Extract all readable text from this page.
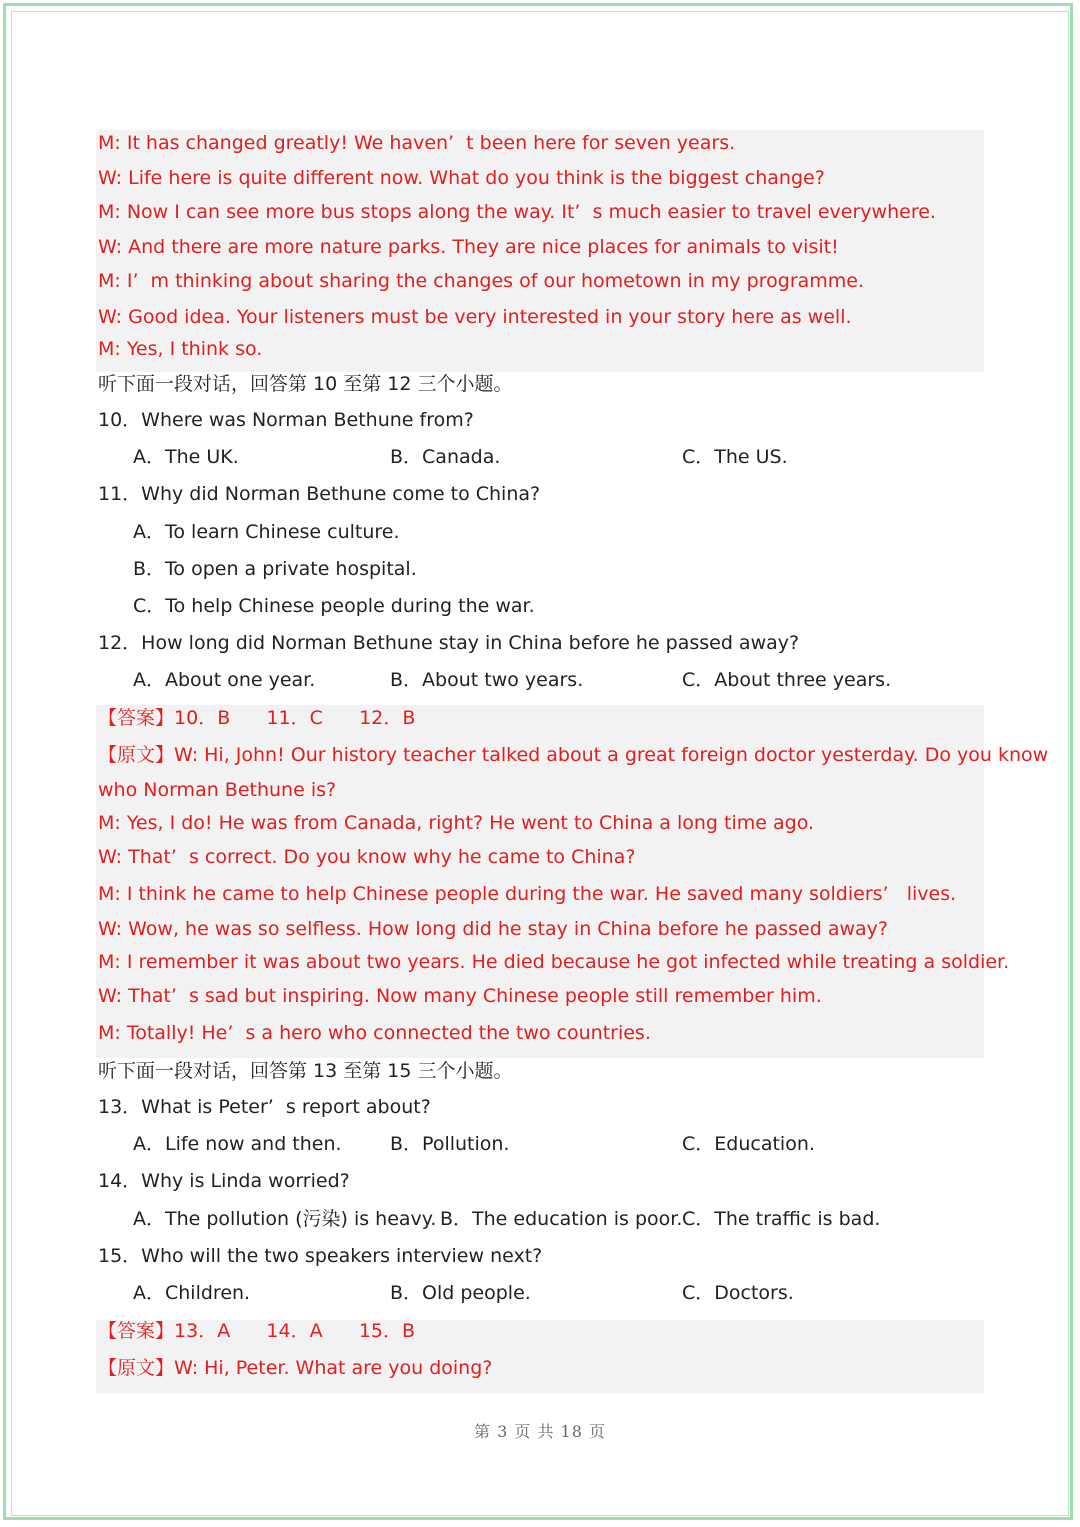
M: It has changed greatly! We haven’  t been here for seven years.
W: Life here is quite different now. What do you think is the biggest change?
M: Now I can see more bus stops along the way. It’  s much easier to travel everywhere.
W: And there are more nature parks. They are nice places for animals to visit!
M: I’  m thinking about sharing the changes of our hometown in my programme.
W: Good idea. Your listeners must be very interested in your story here as well.
M: Yes, I think so.
听下面一段对话，回答第 10 至第 12 三个小题。
10．Where was Norman Bethune from?
A．The UK.	B．Canada.	C．The US.
11．Why did Norman Bethune come to China?
A．To learn Chinese culture.
B．To open a private hospital.
C．To help Chinese people during the war.
12．How long did Norman Bethune stay in China before he passed away?
A．About one year.	B．About two years.	C．About three years.
【答案】10．B      11．C      12．B
【原文】W: Hi, John! Our history teacher talked about a great foreign doctor yesterday. Do you know
who Norman Bethune is?
M: Yes, I do! He was from Canada, right? He went to China a long time ago.
W: That’  s correct. Do you know why he came to China?
M: I think he came to help Chinese people during the war. He saved many soldiers’   lives.
W: Wow, he was so selfless. How long did he stay in China before he passed away?
M: I remember it was about two years. He died because he got infected while treating a soldier.
W: That’  s sad but inspiring. Now many Chinese people still remember him.
M: Totally! He’  s a hero who connected the two countries.
听下面一段对话，回答第 13 至第 15 三个小题。
13．What is Peter’  s report about?
A．Life now and then.	B．Pollution.	C．Education.
14．Why is Linda worried?
A．The pollution (污染) is heavy. B．The education is poor. C．The traffic is bad.
15．Who will the two speakers interview next?
A．Children.	B．Old people.	C．Doctors.
【答案】13．A      14．A      15．B
【原文】W: Hi, Peter. What are you doing?
第 3 页 共 18 页
